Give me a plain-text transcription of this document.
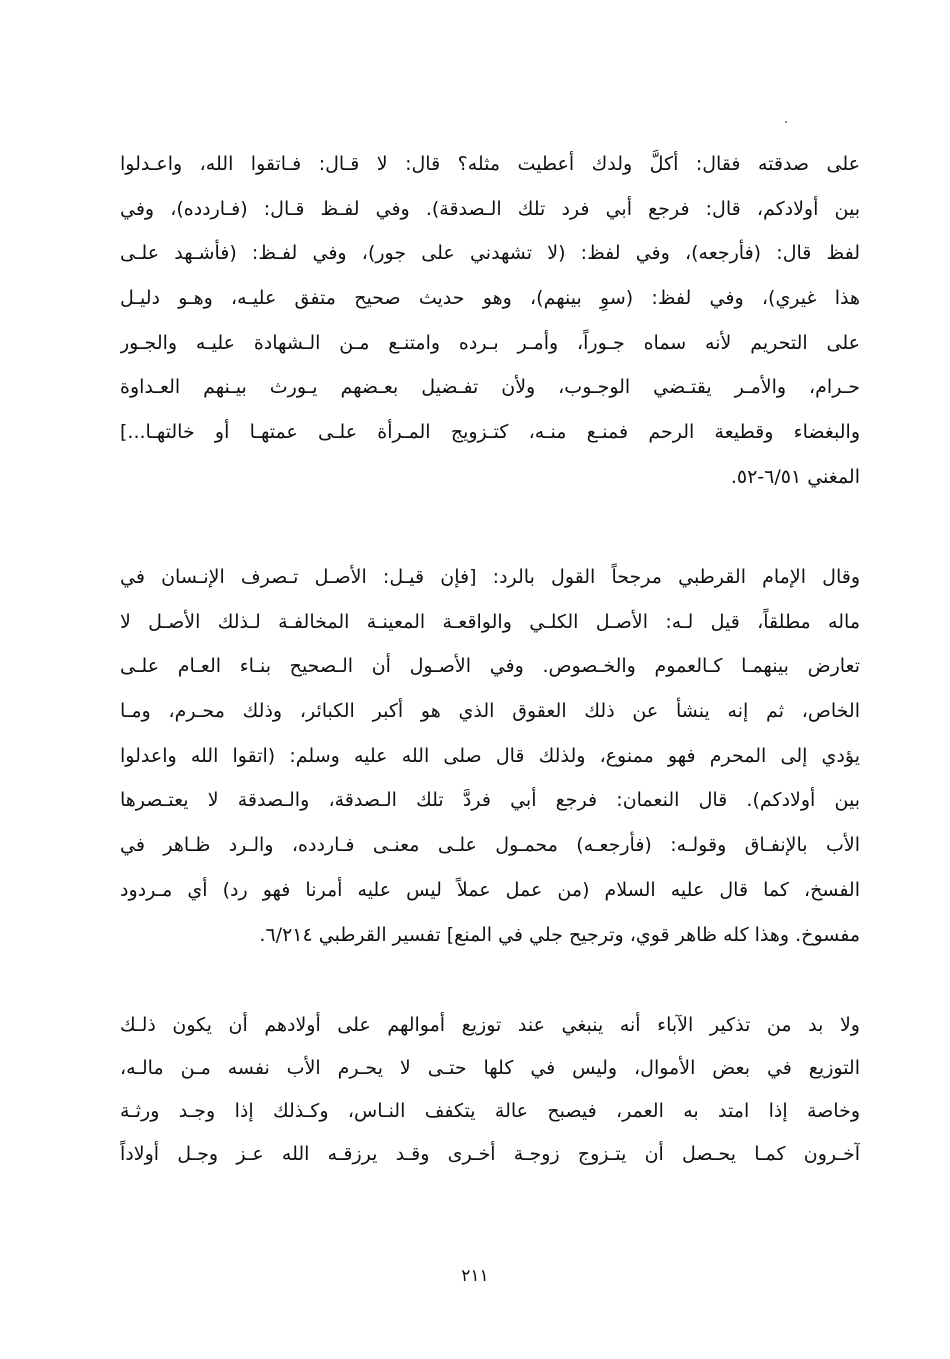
على صدقته فقال: أكلَّ ولدك أعطيت مثله؟ قال: لا قـال: فـاتقوا الله، واعـدلوا
بين أولادكم، قال: فرجع أبي فرد تلك الـصدقة). وفي لفـظ قـال: (فـاردده)، وفي
لفظ قال: (فأرجعه)، وفي لفظ: (لا تشهدني على جور)، وفي لفـظ: (فأشـهد علـى
هذا غيري)، وفي لفظ: (سوِ بينهم)، وهو حديث صحيح متفق عليـه، وهـو دليـل
على التحريم لأنه سماه جـوراً، وأمـر بـرده وامتنـع مـن الـشهادة عليـه والجـور
حـرام، والأمـر يقتـضي الوجـوب، ولأن تفـضيل بعـضهم يـورث بيـنهم العـداوة
والبغضاء وقطيعة الرحم فمنـع منـه، كتـزويج المـرأة علـى عمتهـا أو خالتهـا...]
المغني ٦/٥١-٥٢.
وقال الإمام القرطبي مرجحاً القول بالرد: [فإن قيـل: الأصـل تـصرف الإنـسان في
ماله مطلقاً، قيل لـه: الأصـل الكلـي والواقعـة المعينـة المخالفـة لـذلك الأصـل لا
تعارض بينهمـا كـالعموم والخـصوص. وفي الأصـول أن الـصحيح بنـاء العـام علـى
الخاص، ثم إنه ينشأ عن ذلك العقوق الذي هو أكبر الكبائر، وذلك محـرم، ومـا
يؤدي إلى المحرم فهو ممنوع، ولذلك قال صلى الله عليه وسلم: (اتقوا الله واعدلوا
بين أولادكم). قال النعمان: فرجع أبي فردَّ تلك الـصدقة، والـصدقة لا يعتـصرها
الأب بالإنفـاق وقولـه: (فأرجعـه) محمـول علـى معنـى فـاردده، والـرد ظـاهر في
الفسخ، كما قال عليه السلام (من عمل عملاً ليس عليه أمرنا فهو رد) أي مـردود
مفسوخ. وهذا كله ظاهر قوي، وترجيح جلي في المنع] تفسير القرطبي ٦/٢١٤.
ولا بد من تذكير الآباء أنه ينبغي عند توزيع أموالهم على أولادهم أن يكون ذلـك
التوزيع في بعض الأموال، وليس في كلها حتـى لا يحـرم الأب نفسه مـن مالـه،
وخاصة إذا امتد به العمر، فيصبح عالة يتكفف النـاس، وكـذلك إذا وجـد ورثـة
آخـرون كمـا يحـصل أن يتـزوج زوجـة أخـرى وقـد يرزقـه الله عـز وجـل أولاداً
٢١١
